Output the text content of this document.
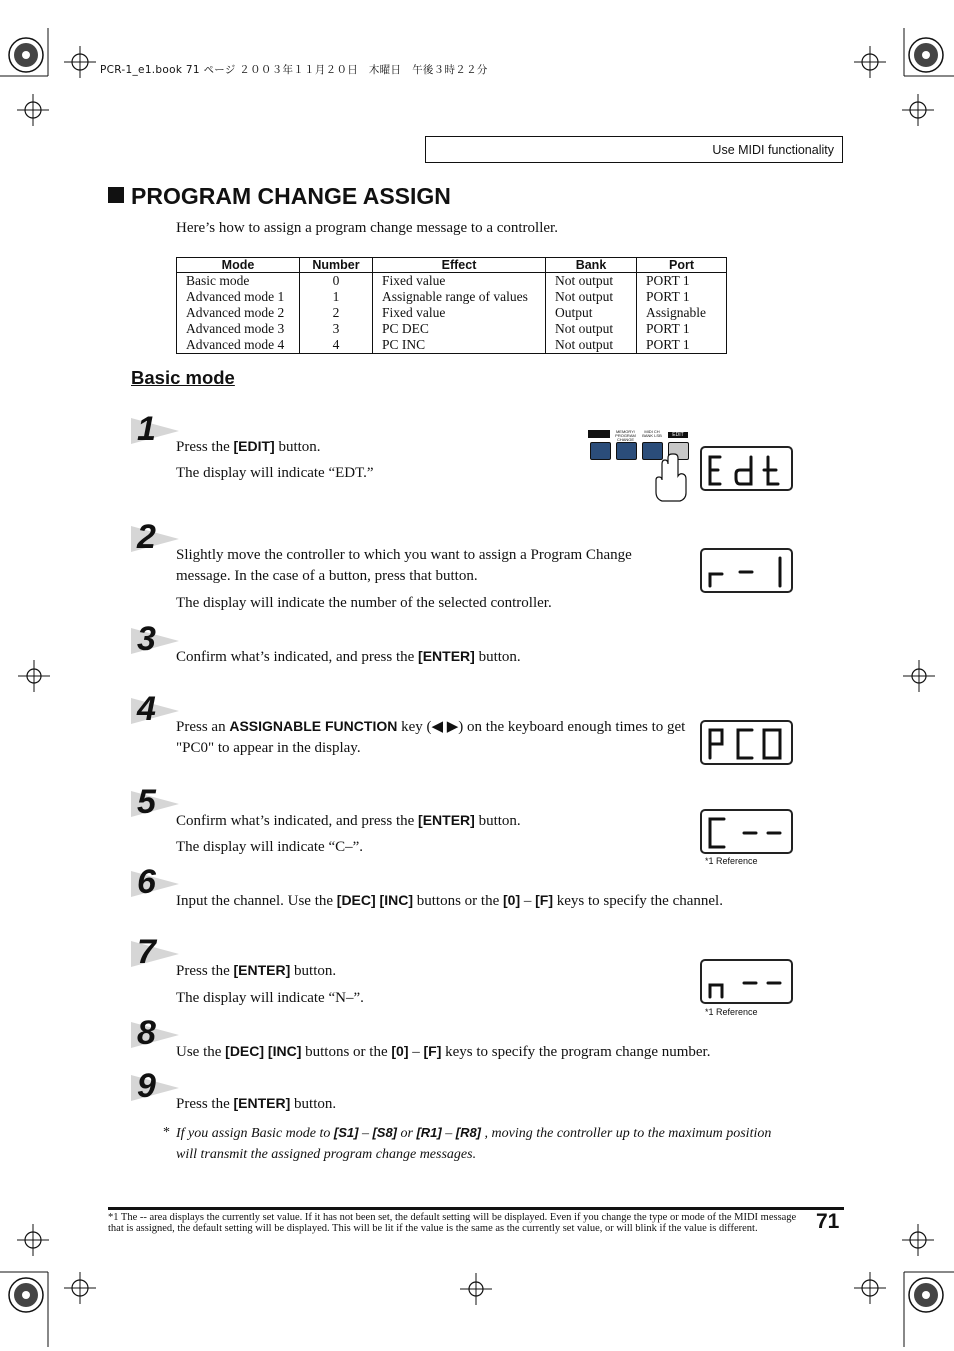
PCR-1_e1.book 71 ページ ２００３年１１月２０日　木曜日　午後３時２２分
Use MIDI functionality
PROGRAM CHANGE ASSIGN
Here’s how to assign a program change message to a controller.
Mode	Number	Effect	Bank	Port
Basic mode	0	Fixed value	Not output	PORT 1
Advanced mode 1	1	Assignable range of values	Not output	PORT 1
Advanced mode 2	2	Fixed value	Output	Assignable
Advanced mode 3	3	PC DEC	Not output	PORT 1
Advanced mode 4	4	PC INC	Not output	PORT 1
Basic mode
1 Press the [EDIT] button.
The display will indicate “EDT.”
MEMORY/ PROGRAM CHANGE
MIDI CH BANK LSB	EDIT
*1 Reference
*1 Reference
2 Slightly move the controller to which you want to assign a Program Change message. In the case of a button, press that button.
The display will indicate the number of the selected controller.
3 Confirm what’s indicated, and press the [ENTER] button.
4 Press an ASSIGNABLE FUNCTION key (◀ ▶) on the keyboard enough times to get "PC0" to appear in the display.
5 Confirm what’s indicated, and press the [ENTER] button.
The display will indicate “C–”.
6 Input the channel. Use the [DEC] [INC] buttons or the [0] – [F] keys to specify the channel.
7 Press the [ENTER] button.
The display will indicate “N–”.
8 Use the [DEC] [INC] buttons or the [0] – [F] keys to specify the program change number.
9 Press the [ENTER] button.
* If you assign Basic mode to [S1] – [S8] or [R1] – [R8] , moving the controller up to the maximum position will transmit the assigned program change messages.
*1 The -- area displays the currently set value. If it has not been set, the default setting will be displayed. Even if you change the type or mode of the MIDI message that is assigned, the default setting will be displayed. This will be lit if the value is the same as the currently set value, or will blink if the value is different.	71
